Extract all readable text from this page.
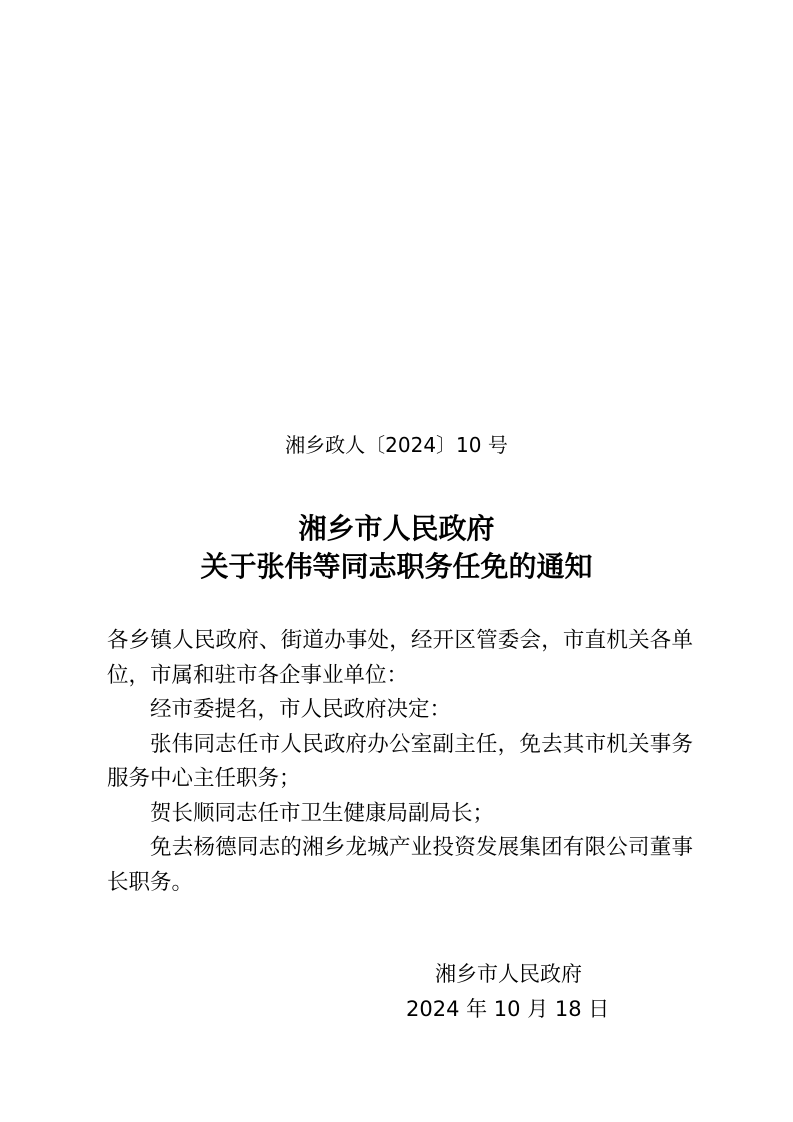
湘乡政人〔2024〕10 号
湘乡市人民政府
关于张伟等同志职务任免的通知

各乡镇人民政府、街道办事处，经开区管委会，市直机关各单位，市属和驻市各企事业单位：

经市委提名，市人民政府决定：

张伟同志任市人民政府办公室副主任，免去其市机关事务服务中心主任职务；

贺长顺同志任市卫生健康局副局长；

免去杨德同志的湘乡龙城产业投资发展集团有限公司董事长职务。

湘乡市人民政府
2024 年 10 月 18 日
